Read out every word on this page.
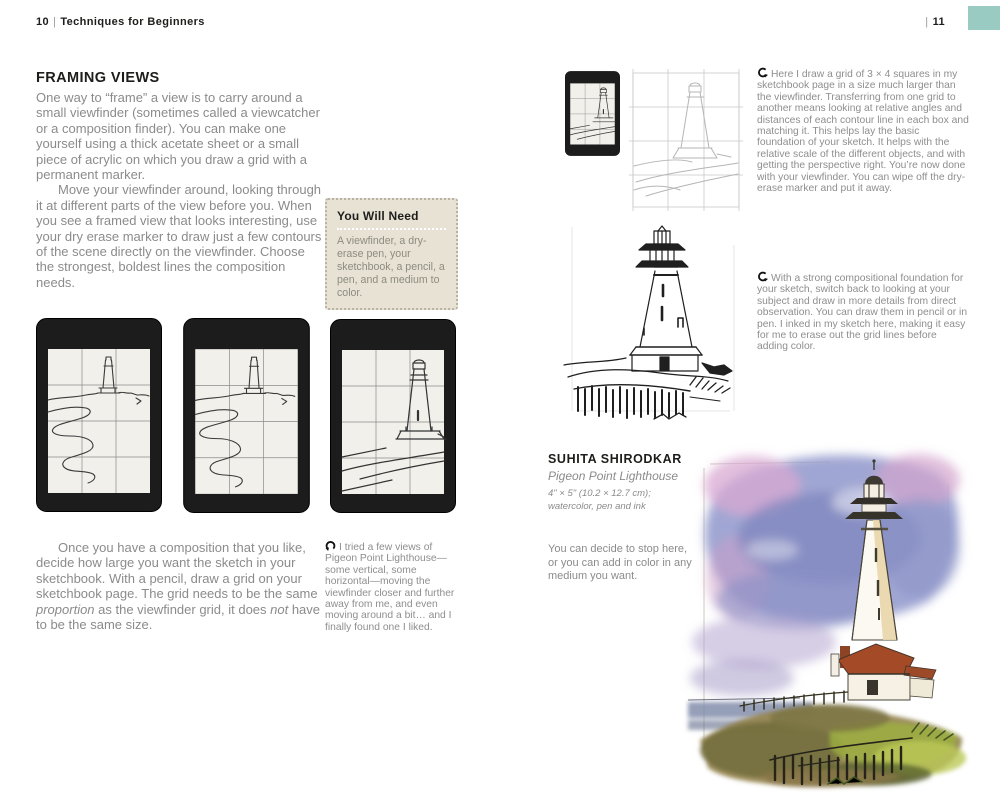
10 | Techniques for Beginners	| 11
FRAMING VIEWS

One way to “frame” a view is to carry around a small viewfinder (sometimes called a viewcatcher or a composition finder). You can make one yourself using a thick acetate sheet or a small piece of acrylic on which you draw a grid with a permanent marker.

Move your viewfinder around, looking through it at different parts of the view before you. When you see a framed view that looks interesting, use your dry erase marker to draw just a few contours of the scene directly on the viewfinder. Choose the strongest, boldest lines the composition needs.

You Will Need
A viewfinder, a dry-erase pen, your sketchbook, a pencil, a pen, and a medium to color.

Once you have a composition that you like, decide how large you want the sketch in your sketchbook. With a pencil, draw a grid on your sketchbook page. The grid needs to be the same proportion as the viewfinder grid, it does not have to be the same size.

I tried a few views of Pigeon Point Lighthouse—some vertical, some horizontal—moving the viewfinder closer and further away from me, and even moving around a bit… and I finally found one I liked.
Here I draw a grid of 3 × 4 squares in my sketchbook page in a size much larger than the viewfinder. Transferring from one grid to another means looking at relative angles and distances of each contour line in each box and matching it. This helps lay the basic foundation of your sketch. It helps with the relative scale of the different objects, and with getting the perspective right. You’re now done with your viewfinder. You can wipe off the dry-erase marker and put it away.
With a strong compositional foundation for your sketch, switch back to looking at your subject and draw in more details from direct observation. You can draw them in pencil or in pen. I inked in my sketch here, making it easy for me to erase out the grid lines before adding color.
SUHITA SHIRODKAR
Pigeon Point Lighthouse
4" × 5" (10.2 × 12.7 cm);
watercolor, pen and ink
You can decide to stop here, or you can add in color in any medium you want.
